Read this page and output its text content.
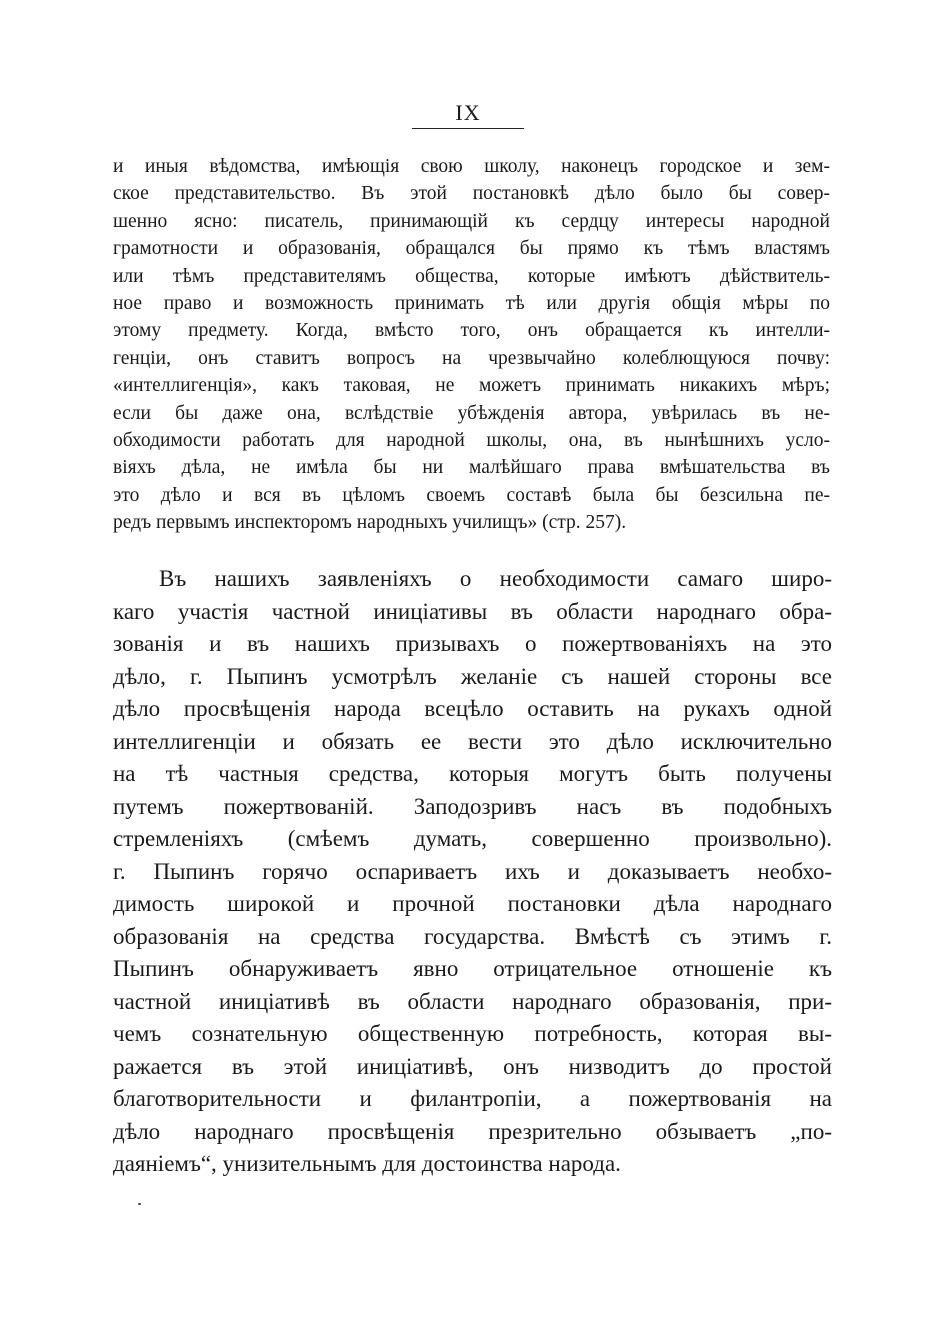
IX
и иныя вѣдомства, имѣющія свою школу, наконецъ городское и зем-
ское представительство. Въ этой постановкѣ дѣло было бы совер-
шенно ясно: писатель, принимающій къ сердцу интересы народной
грамотности и образованія, обращался бы прямо къ тѣмъ властямъ
или тѣмъ представителямъ общества, которые имѣютъ дѣйствитель-
ное право и возможность принимать тѣ или другія общія мѣры по
этому предмету. Когда, вмѣсто того, онъ обращается къ интелли-
генціи, онъ ставитъ вопросъ на чрезвычайно колеблющуюся почву:
«интеллигенція», какъ таковая, не можетъ принимать никакихъ мѣръ;
если бы даже она, вслѣдствіе убѣжденія автора, увѣрилась въ не-
обходимости работать для народной школы, она, въ нынѣшнихъ усло-
віяхъ дѣла, не имѣла бы ни малѣйшаго права вмѣшательства въ
это дѣло и вся въ цѣломъ своемъ составѣ была бы безсильна пе-
редъ первымъ инспекторомъ народныхъ училищъ» (стр. 257).
Въ нашихъ заявленіяхъ о необходимости самаго широ-
каго участія частной иниціативы въ области народнаго обра-
зованія и въ нашихъ призывахъ о пожертвованіяхъ на это
дѣло, г. Пыпинъ усмотрѣлъ желаніе съ нашей стороны все
дѣло просвѣщенія народа всецѣло оставить на рукахъ одной
интеллигенціи и обязать ее вести это дѣло исключительно
на тѣ частныя средства, которыя могутъ быть получены
путемъ пожертвованій. Заподозривъ насъ въ подобныхъ
стремленіяхъ (смѣемъ думать, совершенно произвольно).
г. Пыпинъ горячо оспариваетъ ихъ и доказываетъ необхо-
димость широкой и прочной постановки дѣла народнаго
образованія на средства государства. Вмѣстѣ съ этимъ г.
Пыпинъ обнаруживаетъ явно отрицательное отношеніе къ
частной иниціативѣ въ области народнаго образованія, при-
чемъ сознательную общественную потребность, которая вы-
ражается въ этой иниціативѣ, онъ низводитъ до простой
благотворительности и филантропіи, а пожертвованія на
дѣло народнаго просвѣщенія презрительно обзываетъ „по-
даяніемъ“, унизительнымъ для достоинства народа.
